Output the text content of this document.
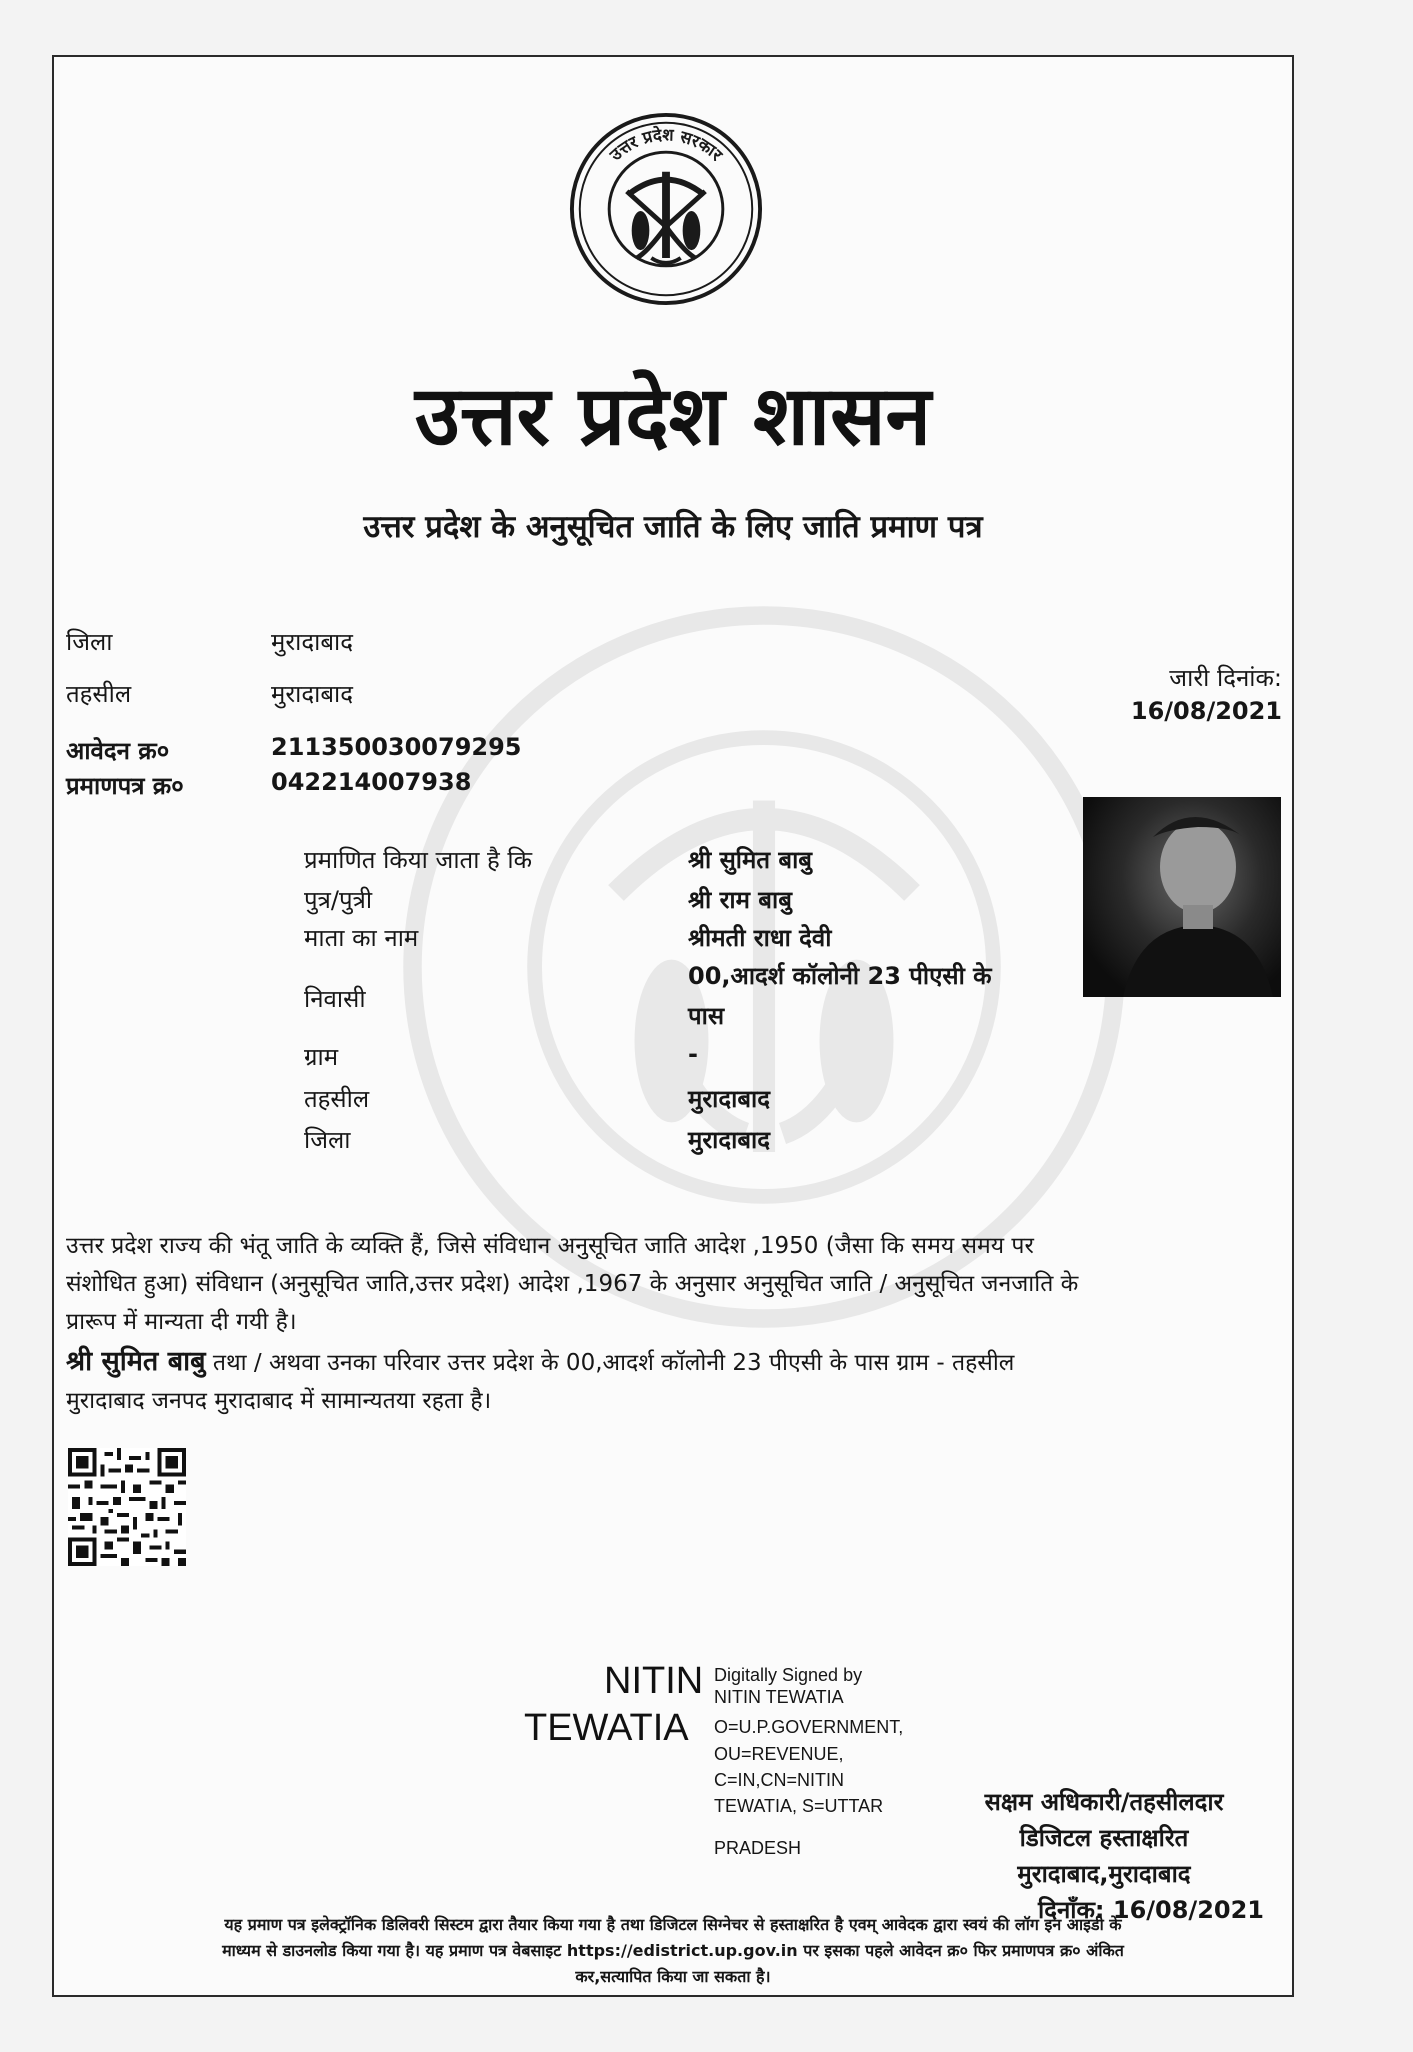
उत्तर प्रदेश सरकार
उत्तर प्रदेश शासन
उत्तर प्रदेश के अनुसूचित जाति के लिए जाति प्रमाण पत्र
जिला	मुरादाबाद
तहसील	मुरादाबाद
आवेदन क्र०	211350030079295
प्रमाणपत्र क्र०	042214007938
जारी दिनांक:
16/08/2021
प्रमाणित किया जाता है कि	श्री सुमित बाबु
पुत्र/पुत्री	श्री राम बाबु
माता का नाम	श्रीमती राधा देवी
निवासी
00,आदर्श कॉलोनी 23 पीएसी के
पास
ग्राम	-
तहसील	मुरादाबाद
जिला	मुरादाबाद
उत्तर प्रदेश राज्य की भंतू जाति के व्यक्ति हैं, जिसे संविधान अनुसूचित जाति आदेश ,1950 (जैसा कि समय समय पर
संशोधित हुआ) संविधान (अनुसूचित जाति,उत्तर प्रदेश) आदेश ,1967 के अनुसार अनुसूचित जाति / अनुसूचित जनजाति के
प्रारूप में मान्यता दी गयी है।
श्री सुमित बाबु तथा / अथवा उनका परिवार उत्तर प्रदेश के 00,आदर्श कॉलोनी 23 पीएसी के पास ग्राम - तहसील
मुरादाबाद जनपद मुरादाबाद में सामान्यतया रहता है।
NITIN
TEWATIA
Digitally Signed by
NITIN TEWATIA
O=U.P.GOVERNMENT,
OU=REVENUE,
C=IN,CN=NITIN
TEWATIA, S=UTTAR
PRADESH
सक्षम अधिकारी/तहसीलदार
डिजिटल हस्ताक्षरित
मुरादाबाद,मुरादाबाद
दिनाँक: 16/08/2021
यह प्रमाण पत्र इलेक्ट्रॉनिक डिलिवरी सिस्टम द्वारा तैयार किया गया है तथा डिजिटल सिग्नेचर से हस्ताक्षरित है एवम् आवेदक द्वारा स्वयं की लॉग इन आइडी के
माध्यम से डाउनलोड किया गया है। यह प्रमाण पत्र वेबसाइट https://edistrict.up.gov.in पर इसका पहले आवेदन क्र० फिर प्रमाणपत्र क्र० अंकित
कर,सत्यापित किया जा सकता है।
